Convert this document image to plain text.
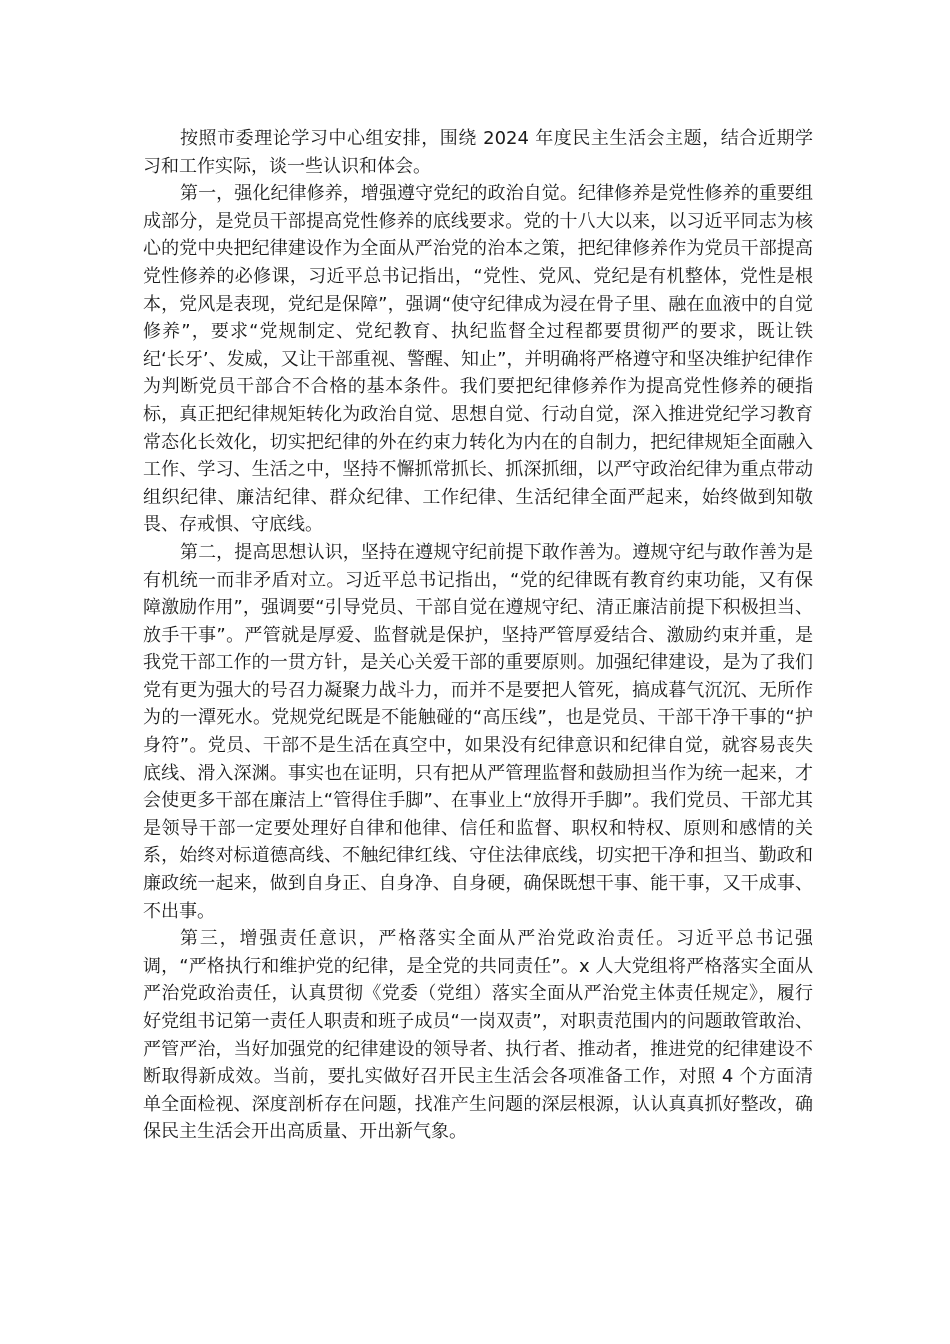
按照市委理论学习中心组安排，围绕 2024 年度民主生活会主题，结合近期学习和工作实际，谈一些认识和体会。

第一，强化纪律修养，增强遵守党纪的政治自觉。纪律修养是党性修养的重要组成部分，是党员干部提高党性修养的底线要求。党的十八大以来，以习近平同志为核心的党中央把纪律建设作为全面从严治党的治本之策，把纪律修养作为党员干部提高党性修养的必修课，习近平总书记指出，“党性、党风、党纪是有机整体，党性是根本，党风是表现，党纪是保障”，强调“使守纪律成为浸在骨子里、融在血液中的自觉修养”，要求“党规制定、党纪教育、执纪监督全过程都要贯彻严的要求，既让铁纪‘长牙’、发威，又让干部重视、警醒、知止”，并明确将严格遵守和坚决维护纪律作为判断党员干部合不合格的基本条件。我们要把纪律修养作为提高党性修养的硬指标，真正把纪律规矩转化为政治自觉、思想自觉、行动自觉，深入推进党纪学习教育常态化长效化，切实把纪律的外在约束力转化为内在的自制力，把纪律规矩全面融入工作、学习、生活之中，坚持不懈抓常抓长、抓深抓细，以严守政治纪律为重点带动组织纪律、廉洁纪律、群众纪律、工作纪律、生活纪律全面严起来，始终做到知敬畏、存戒惧、守底线。

第二，提高思想认识，坚持在遵规守纪前提下敢作善为。遵规守纪与敢作善为是有机统一而非矛盾对立。习近平总书记指出，“党的纪律既有教育约束功能，又有保障激励作用”，强调要“引导党员、干部自觉在遵规守纪、清正廉洁前提下积极担当、放手干事”。严管就是厚爱、监督就是保护，坚持严管厚爱结合、激励约束并重，是我党干部工作的一贯方针，是关心关爱干部的重要原则。加强纪律建设，是为了我们党有更为强大的号召力凝聚力战斗力，而并不是要把人管死，搞成暮气沉沉、无所作为的一潭死水。党规党纪既是不能触碰的“高压线”，也是党员、干部干净干事的“护身符”。党员、干部不是生活在真空中，如果没有纪律意识和纪律自觉，就容易丧失底线、滑入深渊。事实也在证明，只有把从严管理监督和鼓励担当作为统一起来，才会使更多干部在廉洁上“管得住手脚”、在事业上“放得开手脚”。我们党员、干部尤其是领导干部一定要处理好自律和他律、信任和监督、职权和特权、原则和感情的关系，始终对标道德高线、不触纪律红线、守住法律底线，切实把干净和担当、勤政和廉政统一起来，做到自身正、自身净、自身硬，确保既想干事、能干事，又干成事、不出事。

第三，增强责任意识，严格落实全面从严治党政治责任。习近平总书记强调，“严格执行和维护党的纪律，是全党的共同责任”。x 人大党组将严格落实全面从严治党政治责任，认真贯彻《党委（党组）落实全面从严治党主体责任规定》，履行好党组书记第一责任人职责和班子成员“一岗双责”，对职责范围内的问题敢管敢治、严管严治，当好加强党的纪律建设的领导者、执行者、推动者，推进党的纪律建设不断取得新成效。当前，要扎实做好召开民主生活会各项准备工作，对照 4 个方面清单全面检视、深度剖析存在问题，找准产生问题的深层根源，认认真真抓好整改，确保民主生活会开出高质量、开出新气象。
